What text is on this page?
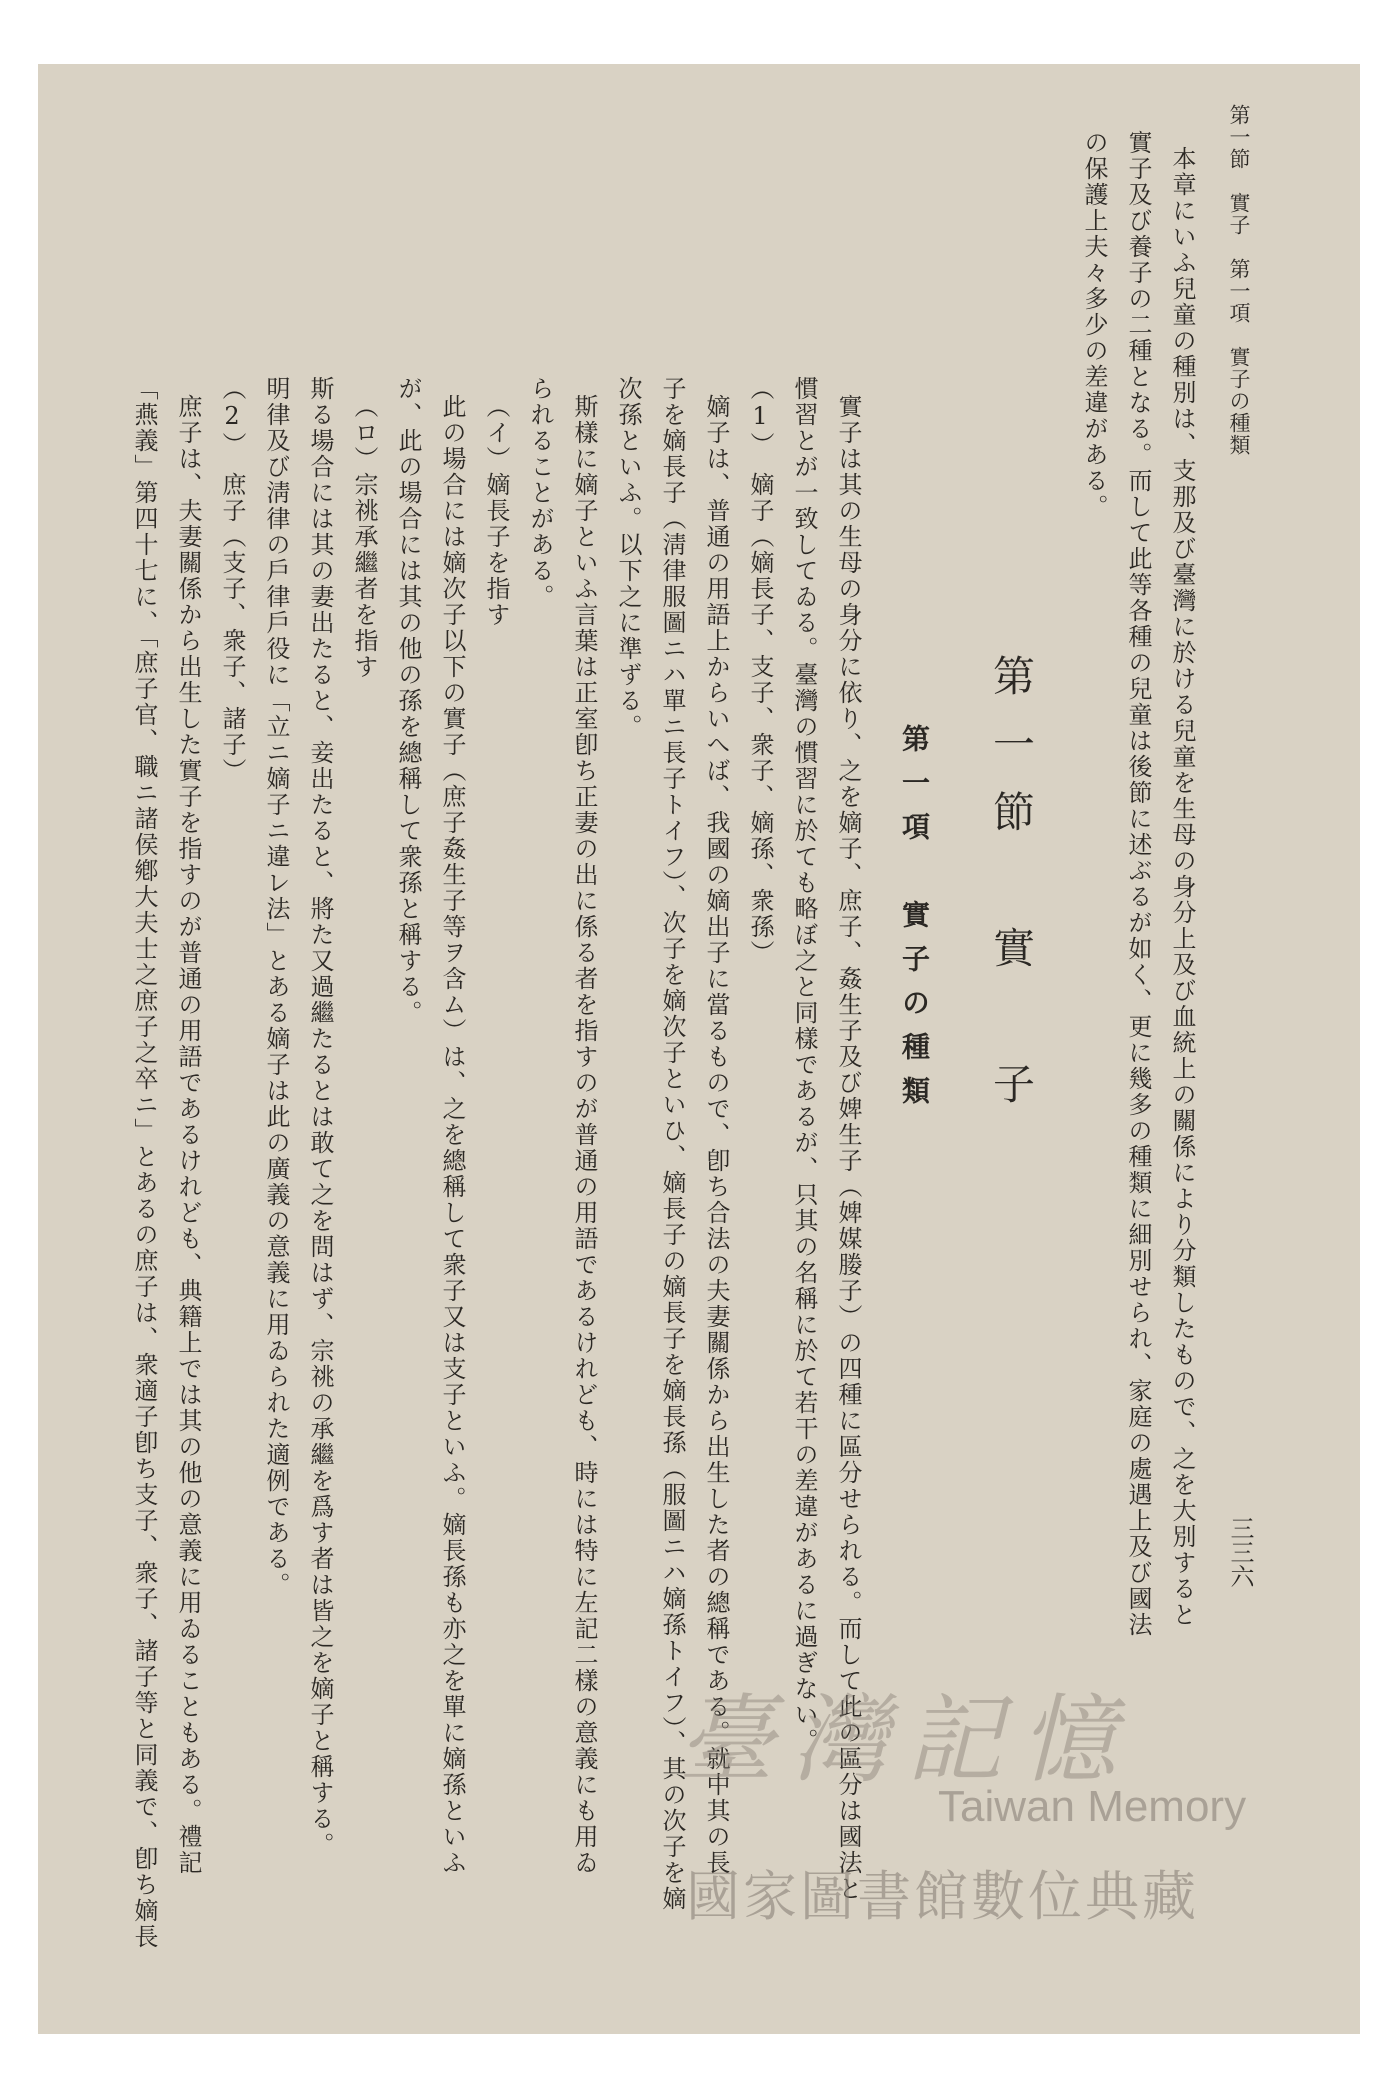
第一節　實子　第一項　實子の種類
三三六
本章にいふ兒童の種別は、支那及び臺灣に於ける兒童を生母の身分上及び血統上の關係により分類したもので、之を大別すると
實子及び養子の二種となる。而して此等各種の兒童は後節に述ぶるが如く、更に幾多の種類に細別せられ、家庭の處遇上及び國法
の保護上夫々多少の差違がある。
第一節　實　子
第一項　實子の種類
實子は其の生母の身分に依り、之を嫡子、庶子、姦生子及び婢生子（婢媒媵子）の四種に區分せられる。而して此の區分は國法と
慣習とが一致してゐる。臺灣の慣習に於ても略ぼ之と同樣であるが、只其の名稱に於て若干の差違があるに過ぎない。
（1）　嫡子（嫡長子、支子、衆子、嫡孫、衆孫）
嫡子は、普通の用語上からいへば、我國の嫡出子に當るもので、卽ち合法の夫妻關係から出生した者の總稱である。就中其の長
子を嫡長子（淸律服圖ニハ單ニ長子トイフ）、次子を嫡次子といひ、嫡長子の嫡長子を嫡長孫（服圖ニハ嫡孫トイフ）、其の次子を嫡
次孫といふ。以下之に準ずる。
斯樣に嫡子といふ言葉は正室卽ち正妻の出に係る者を指すのが普通の用語であるけれども、時には特に左記二樣の意義にも用ゐ
られることがある。
（イ）嫡長子を指す
此の場合には嫡次子以下の實子（庶子姦生子等ヲ含ム）は、之を總稱して衆子又は支子といふ。嫡長孫も亦之を單に嫡孫といふ
が、此の場合には其の他の孫を總稱して衆孫と稱する。
（ロ）宗祧承繼者を指す
斯る場合には其の妻出たると、妾出たると、將た又過繼たるとは敢て之を問はず、宗祧の承繼を爲す者は皆之を嫡子と稱する。
明律及び淸律の戶律戶役に「立ニ嫡子ニ違レ法」とある嫡子は此の廣義の意義に用ゐられた適例である。
（2）　庶子（支子、衆子、諸子）
庶子は、夫妻關係から出生した實子を指すのが普通の用語であるけれども、典籍上では其の他の意義に用ゐることもある。禮記
「燕義」第四十七に、「庶子官、職ニ諸侯鄕大夫士之庶子之卒ニ」とあるの庶子は、衆適子卽ち支子、衆子、諸子等と同義で、卽ち嫡長	臺灣記憶
Taiwan Memory
國家圖書館數位典藏
